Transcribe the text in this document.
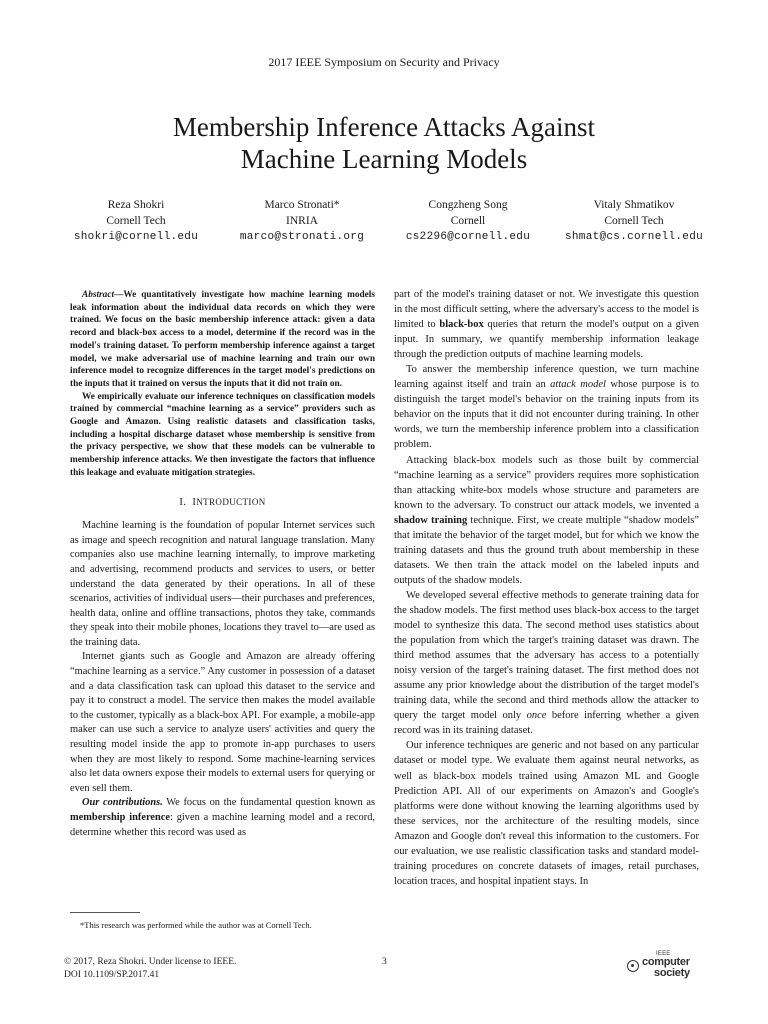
2017 IEEE Symposium on Security and Privacy
Membership Inference Attacks Against
Machine Learning Models
Reza Shokri
Cornell Tech
shokri@cornell.edu
Marco Stronati*
INRIA
marco@stronati.org
Congzheng Song
Cornell
cs2296@cornell.edu
Vitaly Shmatikov
Cornell Tech
shmat@cs.cornell.edu

Abstract—We quantitatively investigate how machine learning models leak information about the individual data records on which they were trained. We focus on the basic membership inference attack: given a data record and black-box access to a model, determine if the record was in the model's training dataset. To perform membership inference against a target model, we make adversarial use of machine learning and train our own inference model to recognize differences in the target model's predictions on the inputs that it trained on versus the inputs that it did not train on.

We empirically evaluate our inference techniques on classification models trained by commercial “machine learning as a service” providers such as Google and Amazon. Using realistic datasets and classification tasks, including a hospital discharge dataset whose membership is sensitive from the privacy perspective, we show that these models can be vulnerable to membership inference attacks. We then investigate the factors that influence this leakage and evaluate mitigation strategies.

I. INTRODUCTION

Machine learning is the foundation of popular Internet services such as image and speech recognition and natural language translation. Many companies also use machine learning internally, to improve marketing and advertising, recommend products and services to users, or better understand the data generated by their operations. In all of these scenarios, activities of individual users—their purchases and preferences, health data, online and offline transactions, photos they take, commands they speak into their mobile phones, locations they travel to—are used as the training data.

Internet giants such as Google and Amazon are already offering “machine learning as a service.” Any customer in possession of a dataset and a data classification task can upload this dataset to the service and pay it to construct a model. The service then makes the model available to the customer, typically as a black-box API. For example, a mobile-app maker can use such a service to analyze users' activities and query the resulting model inside the app to promote in-app purchases to users when they are most likely to respond. Some machine-learning services also let data owners expose their models to external users for querying or even sell them.

Our contributions. We focus on the fundamental question known as membership inference: given a machine learning model and a record, determine whether this record was used as

part of the model's training dataset or not. We investigate this question in the most difficult setting, where the adversary's access to the model is limited to black-box queries that return the model's output on a given input. In summary, we quantify membership information leakage through the prediction outputs of machine learning models.

To answer the membership inference question, we turn machine learning against itself and train an attack model whose purpose is to distinguish the target model's behavior on the training inputs from its behavior on the inputs that it did not encounter during training. In other words, we turn the membership inference problem into a classification problem.

Attacking black-box models such as those built by commercial “machine learning as a service” providers requires more sophistication than attacking white-box models whose structure and parameters are known to the adversary. To construct our attack models, we invented a shadow training technique. First, we create multiple “shadow models” that imitate the behavior of the target model, but for which we know the training datasets and thus the ground truth about membership in these datasets. We then train the attack model on the labeled inputs and outputs of the shadow models.

We developed several effective methods to generate training data for the shadow models. The first method uses black-box access to the target model to synthesize this data. The second method uses statistics about the population from which the target's training dataset was drawn. The third method assumes that the adversary has access to a potentially noisy version of the target's training dataset. The first method does not assume any prior knowledge about the distribution of the target model's training data, while the second and third methods allow the attacker to query the target model only once before inferring whether a given record was in its training dataset.

Our inference techniques are generic and not based on any particular dataset or model type. We evaluate them against neural networks, as well as black-box models trained using Amazon ML and Google Prediction API. All of our experiments on Amazon's and Google's platforms were done without knowing the learning algorithms used by these services, nor the architecture of the resulting models, since Amazon and Google don't reveal this information to the customers. For our evaluation, we use realistic classification tasks and standard model-training procedures on concrete datasets of images, retail purchases, location traces, and hospital inpatient stays. In

*This research was performed while the author was at Cornell Tech.
© 2017, Reza Shokri. Under license to IEEE.
DOI 10.1109/SP.2017.41
3
IEEE
computer
society
